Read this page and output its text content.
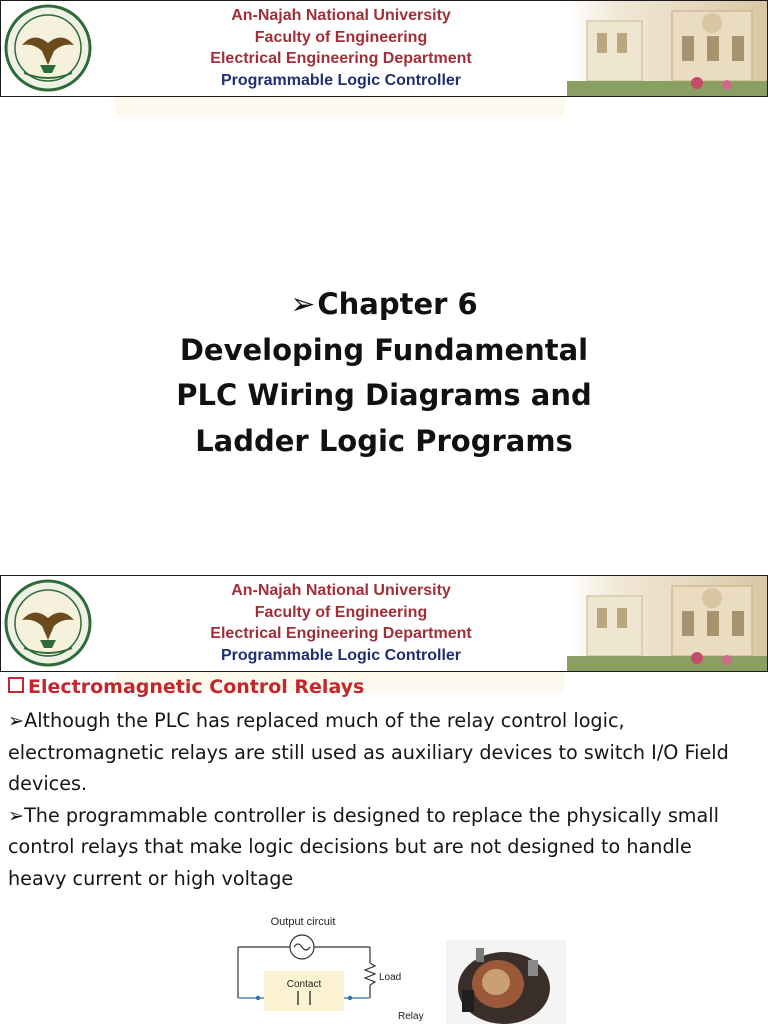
An-Najah National University
Faculty of Engineering
Electrical Engineering Department
Programmable Logic Controller
➢Chapter 6
Developing Fundamental
PLC Wiring Diagrams and
Ladder Logic Programs
An-Najah National University
Faculty of Engineering
Electrical Engineering Department
Programmable Logic Controller
Electromagnetic Control Relays

➢Although the PLC has replaced much of the relay control logic, electromagnetic relays are still used as auxiliary devices to switch I/O Field devices.

➢The programmable controller is designed to replace the physically small control relays that make logic decisions but are not designed to handle heavy current or high voltage

Output circuit
Load
Contact
Relay
